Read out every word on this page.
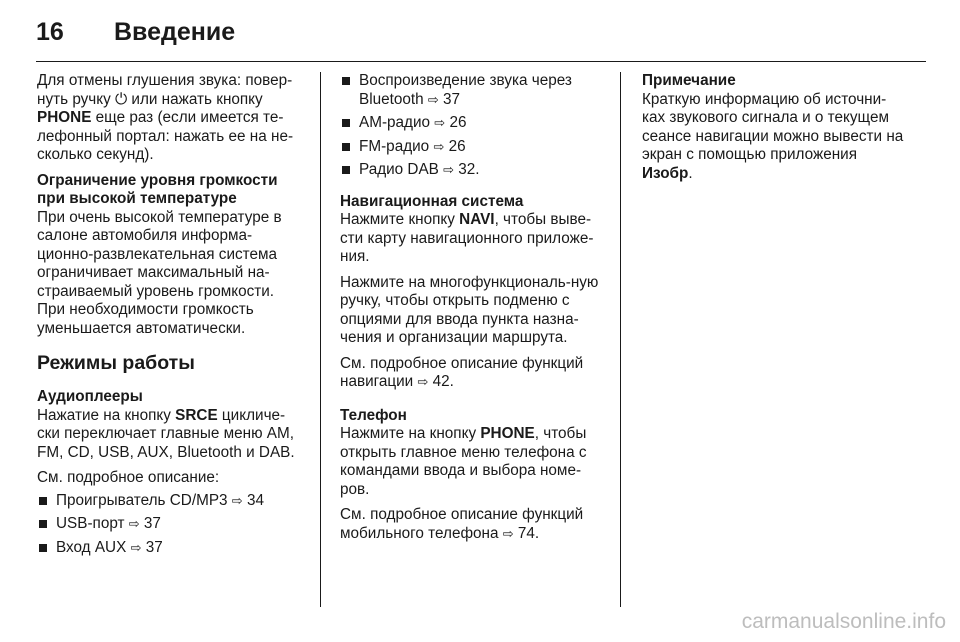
16	Введение

Для отмены глушения звука: повер-нуть ручку ⏻ или нажать кнопку PHONE еще раз (если имеется те-лефонный портал: нажать ее на не-сколько секунд).

Ограничение уровня громкости при высокой температуре

При очень высокой температуре в салоне автомобиля информа-ционно-развлекательная система ограничивает максимальный на-страиваемый уровень громкости. При необходимости громкость уменьшается автоматически.

Режимы работы

Аудиоплееры

Нажатие на кнопку SRCE цикличе-ски переключает главные меню AM, FM, CD, USB, AUX, Bluetooth и DAB.

См. подробное описание:

Проигрыватель CD/MP3 ⇨ 34
USB-порт ⇨ 37
Вход AUX ⇨ 37
Воспроизведение звука через Bluetooth ⇨ 37
AM-радио ⇨ 26
FM-радио ⇨ 26
Радио DAB ⇨ 32.

Навигационная система

Нажмите кнопку NAVI, чтобы выве-сти карту навигационного приложе-ния.

Нажмите на многофункциональ-ную ручку, чтобы открыть подменю с опциями для ввода пункта назна-чения и организации маршрута.

См. подробное описание функций навигации ⇨ 42.

Телефон

Нажмите на кнопку PHONE, чтобы открыть главное меню телефона с командами ввода и выбора номе-ров.

См. подробное описание функций мобильного телефона ⇨ 74.

Примечание

Краткую информацию об источни-ках звукового сигнала и о текущем сеансе навигации можно вывести на экран с помощью приложения Изобр.

carmanualsonline.info
